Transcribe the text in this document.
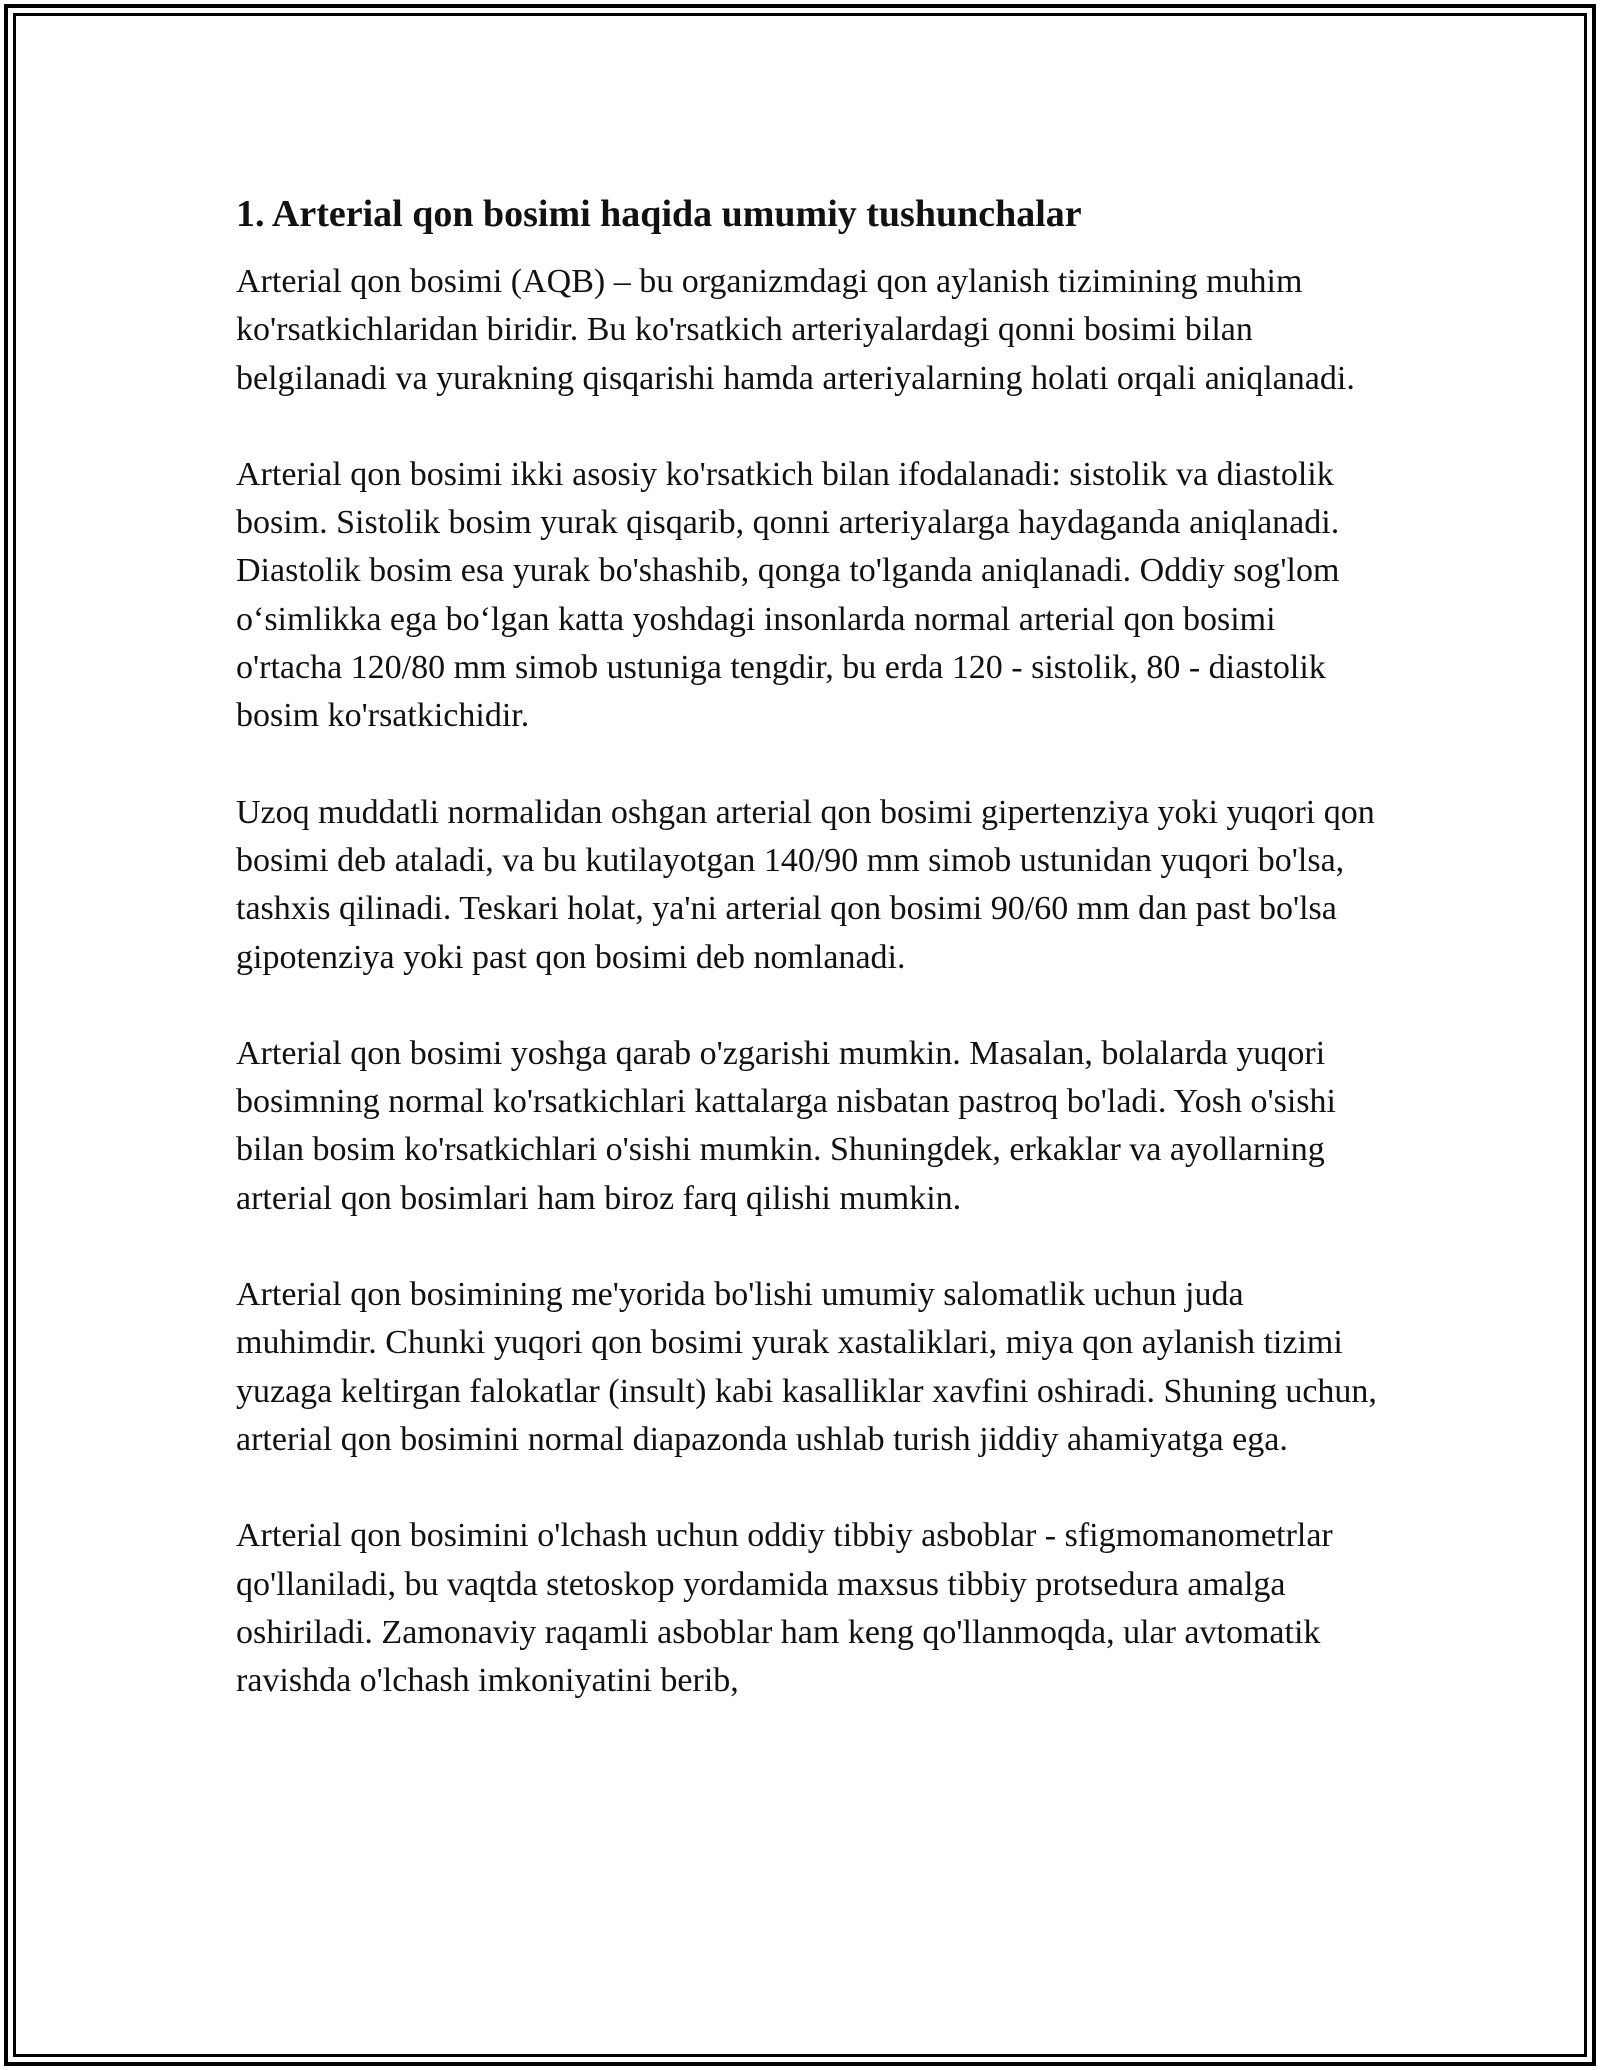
1. Arterial qon bosimi haqida umumiy tushunchalar

Arterial qon bosimi (AQB) – bu organizmdagi qon aylanish tizimining muhim ko'rsatkichlaridan biridir. Bu ko'rsatkich arteriyalardagi qonni bosimi bilan belgilanadi va yurakning qisqarishi hamda arteriyalarning holati orqali aniqlanadi.

Arterial qon bosimi ikki asosiy ko'rsatkich bilan ifodalanadi: sistolik va diastolik bosim. Sistolik bosim yurak qisqarib, qonni arteriyalarga haydaganda aniqlanadi. Diastolik bosim esa yurak bo'shashib, qonga to'lganda aniqlanadi. Oddiy sog'lom o‘simlikka ega bo‘lgan katta yoshdagi insonlarda normal arterial qon bosimi o'rtacha 120/80 mm simob ustuniga tengdir, bu erda 120 - sistolik, 80 - diastolik bosim ko'rsatkichidir.

Uzoq muddatli normalidan oshgan arterial qon bosimi gipertenziya yoki yuqori qon bosimi deb ataladi, va bu kutilayotgan 140/90 mm simob ustunidan yuqori bo'lsa, tashxis qilinadi. Teskari holat, ya'ni arterial qon bosimi 90/60 mm dan past bo'lsa gipotenziya yoki past qon bosimi deb nomlanadi.

Arterial qon bosimi yoshga qarab o'zgarishi mumkin. Masalan, bolalarda yuqori bosimning normal ko'rsatkichlari kattalarga nisbatan pastroq bo'ladi. Yosh o'sishi bilan bosim ko'rsatkichlari o'sishi mumkin. Shuningdek, erkaklar va ayollarning arterial qon bosimlari ham biroz farq qilishi mumkin.

Arterial qon bosimining me'yorida bo'lishi umumiy salomatlik uchun juda muhimdir. Chunki yuqori qon bosimi yurak xastaliklari, miya qon aylanish tizimi yuzaga keltirgan falokatlar (insult) kabi kasalliklar xavfini oshiradi. Shuning uchun, arterial qon bosimini normal diapazonda ushlab turish jiddiy ahamiyatga ega.

Arterial qon bosimini o'lchash uchun oddiy tibbiy asboblar - sfigmomanometrlar qo'llaniladi, bu vaqtda stetoskop yordamida maxsus tibbiy protsedura amalga oshiriladi. Zamonaviy raqamli asboblar ham keng qo'llanmoqda, ular avtomatik ravishda o'lchash imkoniyatini berib,
